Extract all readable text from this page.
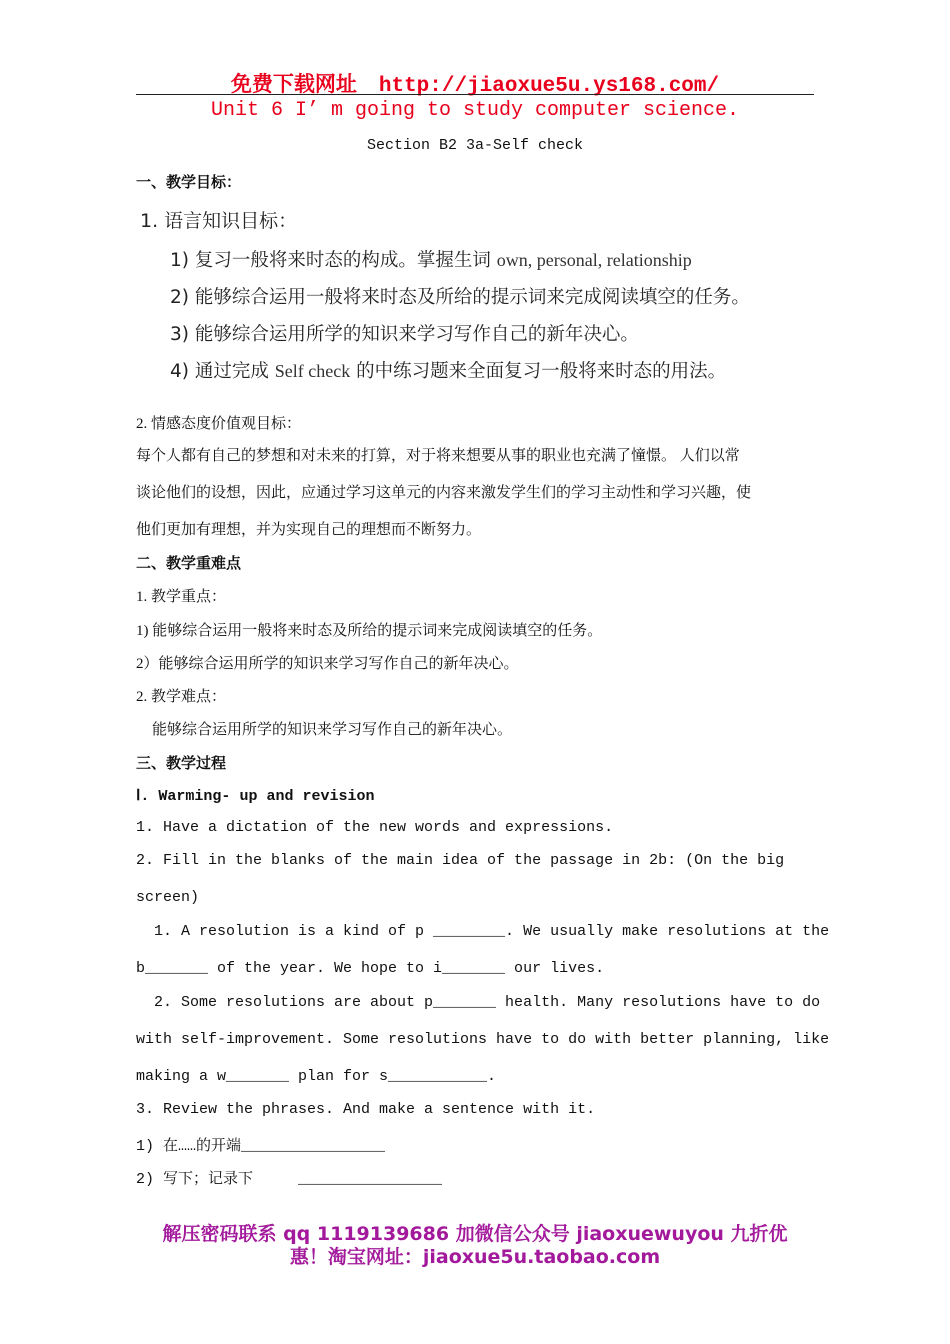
免费下载网址 http://jiaoxue5u.ys168.com/
Unit 6 I’ m going to study computer science.
Section B2 3a-Self check
一、教学目标：
1. 语言知识目标：
1) 复习一般将来时态的构成。掌握生词 own, personal, relationship
2) 能够综合运用一般将来时态及所给的提示词来完成阅读填空的任务。
3) 能够综合运用所学的知识来学习写作自己的新年决心。
4) 通过完成 Self check 的中练习题来全面复习一般将来时态的用法。
2. 情感态度价值观目标：
每个人都有自己的梦想和对未来的打算，对于将来想要从事的职业也充满了憧憬。 人们以常
谈论他们的设想，因此，应通过学习这单元的内容来激发学生们的学习主动性和学习兴趣，使
他们更加有理想，并为实现自己的理想而不断努力。
二、教学重难点
1. 教学重点：
1) 能够综合运用一般将来时态及所给的提示词来完成阅读填空的任务。
2）能够综合运用所学的知识来学习写作自己的新年决心。
2. 教学难点：
能够综合运用所学的知识来学习写作自己的新年决心。
三、教学过程
Ⅰ. Warming- up and revision
1. Have a dictation of the new words and expressions.
2. Fill in the blanks of the main idea of the passage in 2b: (On the big
screen)
1. A resolution is a kind of p ________. We usually make resolutions at the
b_______ of the year. We hope to i_______ our lives.
2. Some resolutions are about p_______ health. Many resolutions have to do
with self-improvement. Some resolutions have to do with better planning, like
making a w_______ plan for s___________.
3. Review the phrases. And make a sentence with it.
1) 在……的开端________________
2) 写下；记录下     ________________
解压密码联系 qq 1119139686 加微信公众号 jiaoxuewuyou 九折优
惠！淘宝网址：jiaoxue5u.taobao.com
